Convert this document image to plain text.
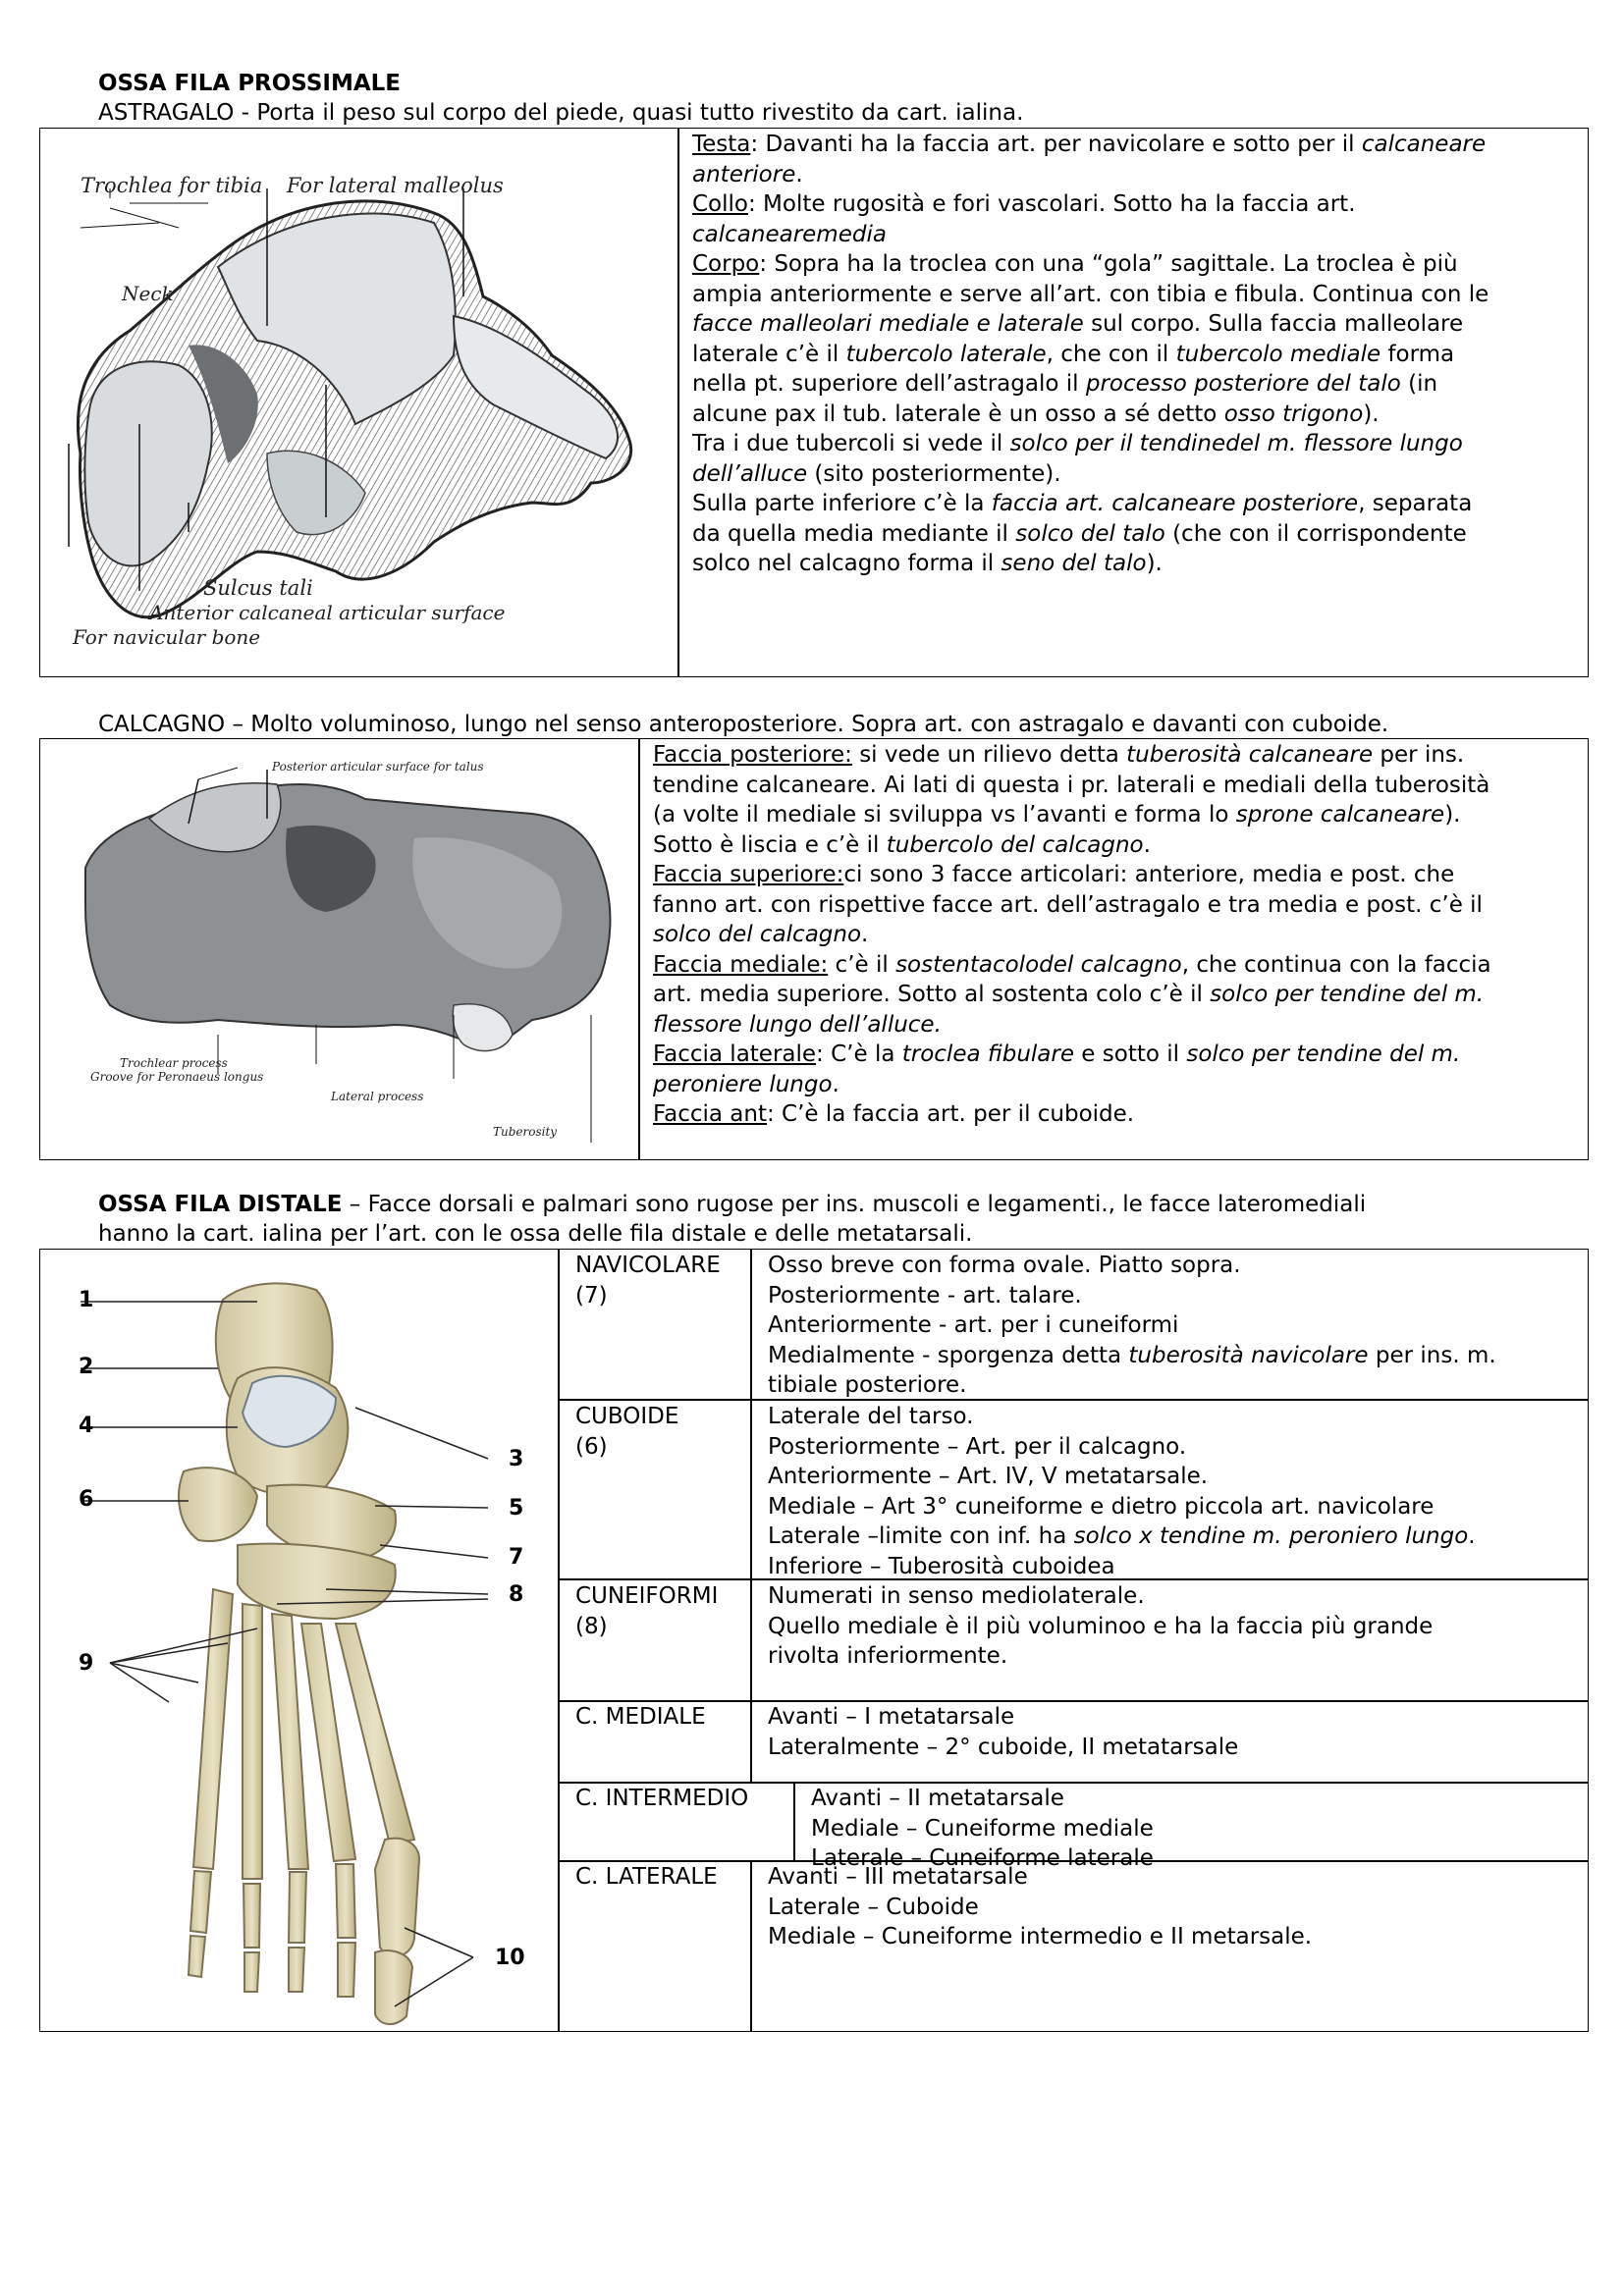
OSSA FILA PROSSIMALE
ASTRAGALO - Porta il peso sul corpo del piede, quasi tutto rivestito da cart. ialina.
Trochlea for tibia For lateral malleolus
Neck
Sulcus tali
Anterior calcaneal articular surface
For navicular bone

Testa: Davanti ha la faccia art. per navicolare e sotto per il calcaneare

anteriore.

Collo: Molte rugosità e fori vascolari. Sotto ha la faccia art.

calcanearemedia

Corpo: Sopra ha la troclea con una “gola” sagittale. La troclea è più

ampia anteriormente e serve all’art. con tibia e fibula. Continua con le

facce malleolari mediale e laterale sul corpo. Sulla faccia malleolare

laterale c’è il tubercolo laterale, che con il tubercolo mediale forma

nella pt. superiore dell’astragalo il processo posteriore del talo (in

alcune pax il tub. laterale è un osso a sé detto osso trigono).

Tra i due tubercoli si vede il solco per il tendinedel m. flessore lungo

dell’alluce (sito posteriormente).

Sulla parte inferiore c’è la faccia art. calcaneare posteriore, separata

da quella media mediante il solco del talo (che con il corrispondente

solco nel calcagno forma il seno del talo).

CALCAGNO – Molto voluminoso, lungo nel senso anteroposteriore. Sopra art. con astragalo e davanti con cuboide.
Posterior articular surface for talus
Trochlear process
Groove for Peronaeus longus
Lateral process
Tuberosity

Faccia posteriore: si vede un rilievo detta tuberosità calcaneare per ins.

tendine calcaneare. Ai lati di questa i pr. laterali e mediali della tuberosità

(a volte il mediale si sviluppa vs l’avanti e forma lo sprone calcaneare).

Sotto è liscia e c’è il tubercolo del calcagno.

Faccia superiore:ci sono 3 facce articolari: anteriore, media e post. che

fanno art. con rispettive facce art. dell’astragalo e tra media e post. c’è il

solco del calcagno.

Faccia mediale: c’è il sostentacolodel calcagno, che continua con la faccia

art. media superiore. Sotto al sostenta colo c’è il solco per tendine del m.

flessore lungo dell’alluce.

Faccia laterale: C’è la troclea fibulare e sotto il solco per tendine del m.

peroniere lungo.

Faccia ant: C’è la faccia art. per il cuboide.

OSSA FILA DISTALE – Facce dorsali e palmari sono rugose per ins. muscoli e legamenti., le facce lateromediali
hanno la cart. ialina per l’art. con le ossa delle fila distale e delle metatarsali.
1
2
3
4
5
6
7
8
9
10

NAVICOLARE

(7)

Osso breve con forma ovale. Piatto sopra.

Posteriormente - art. talare.

Anteriormente - art. per i cuneiformi

Medialmente - sporgenza detta tuberosità navicolare per ins. m.

tibiale posteriore.

CUBOIDE

(6)

Laterale del tarso.

Posteriormente – Art. per il calcagno.

Anteriormente – Art. IV, V metatarsale.

Mediale – Art 3° cuneiforme e dietro piccola art. navicolare

Laterale –limite con inf. ha solco x tendine m. peroniero lungo.

Inferiore – Tuberosità cuboidea

CUNEIFORMI

(8)

Numerati in senso mediolaterale.

Quello mediale è il più voluminoo e ha la faccia più grande

rivolta inferiormente.

C. MEDIALE	Avanti – I metatarsale

Lateralmente – 2° cuboide, II metatarsale

C. INTERMEDIO	Avanti – II metatarsale

Mediale – Cuneiforme mediale

Laterale – Cuneiforme laterale

C. LATERALE Avanti – III metatarsale

Laterale – Cuboide

Mediale – Cuneiforme intermedio e II metarsale.
